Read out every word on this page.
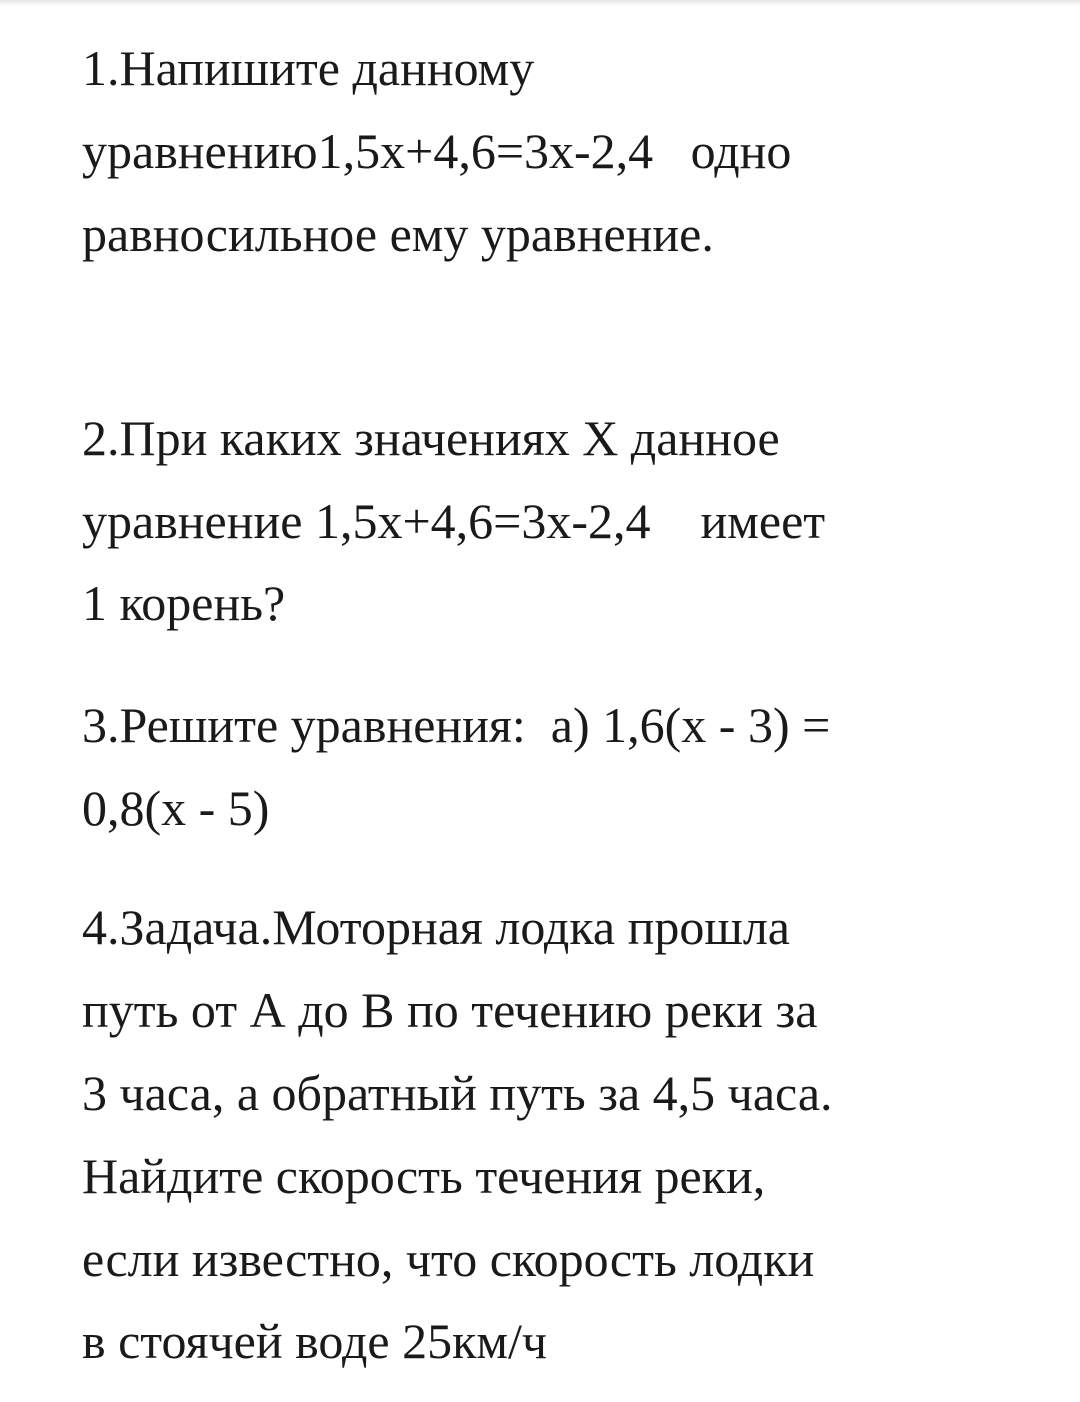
1.Напишите данному

уравнению1,5x+4,6=3x-2,4   одно

равносильное ему уравнение.

2.При каких значениях Х данное

уравнение 1,5x+4,6=3x-2,4    имеет

1 корень?

3.Решите уравнения:  а) 1,6(x - 3) =

0,8(x - 5)

4.Задача.Моторная лодка прошла

путь от А до В по течению реки за

3 часа, а обратный путь за 4,5 часа.

Найдите скорость течения реки,

если известно, что скорость лодки

в стоячей воде 25км/ч
